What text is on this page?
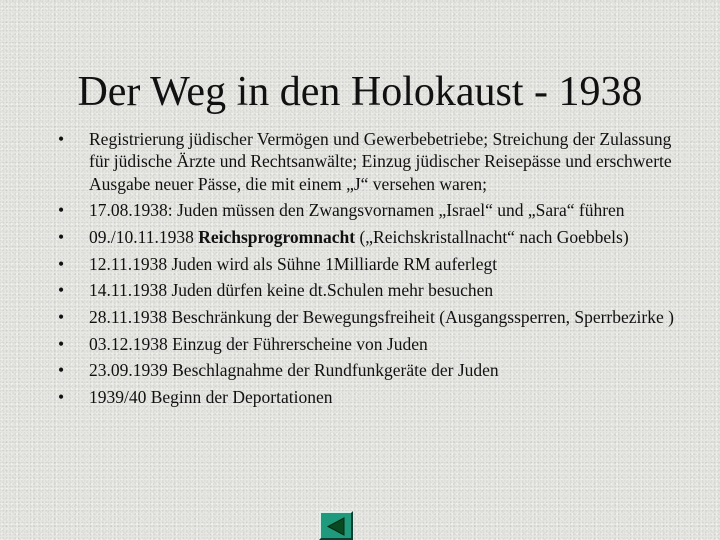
Der Weg in den Holokaust - 1938
•	Registrierung jüdischer Vermögen und Gewerbebetriebe; Streichung der Zulassung für jüdische Ärzte und Rechtsanwälte; Einzug jüdischer Reisepässe und erschwerte Ausgabe neuer Pässe, die mit einem „J“ versehen waren;
•	17.08.1938: Juden müssen den Zwangsvornamen „Israel“ und „Sara“ führen
•	09./10.11.1938 Reichsprogromnacht („Reichskristallnacht“ nach Goebbels)
•	12.11.1938 Juden wird als Sühne 1Milliarde RM auferlegt
•	14.11.1938 Juden dürfen keine dt.Schulen mehr besuchen
•	28.11.1938 Beschränkung der Bewegungsfreiheit (Ausgangssperren, Sperrbezirke )
•	03.12.1938 Einzug der Führerscheine von Juden
•	23.09.1939 Beschlagnahme der Rundfunkgeräte der Juden
•	1939/40 Beginn der Deportationen
